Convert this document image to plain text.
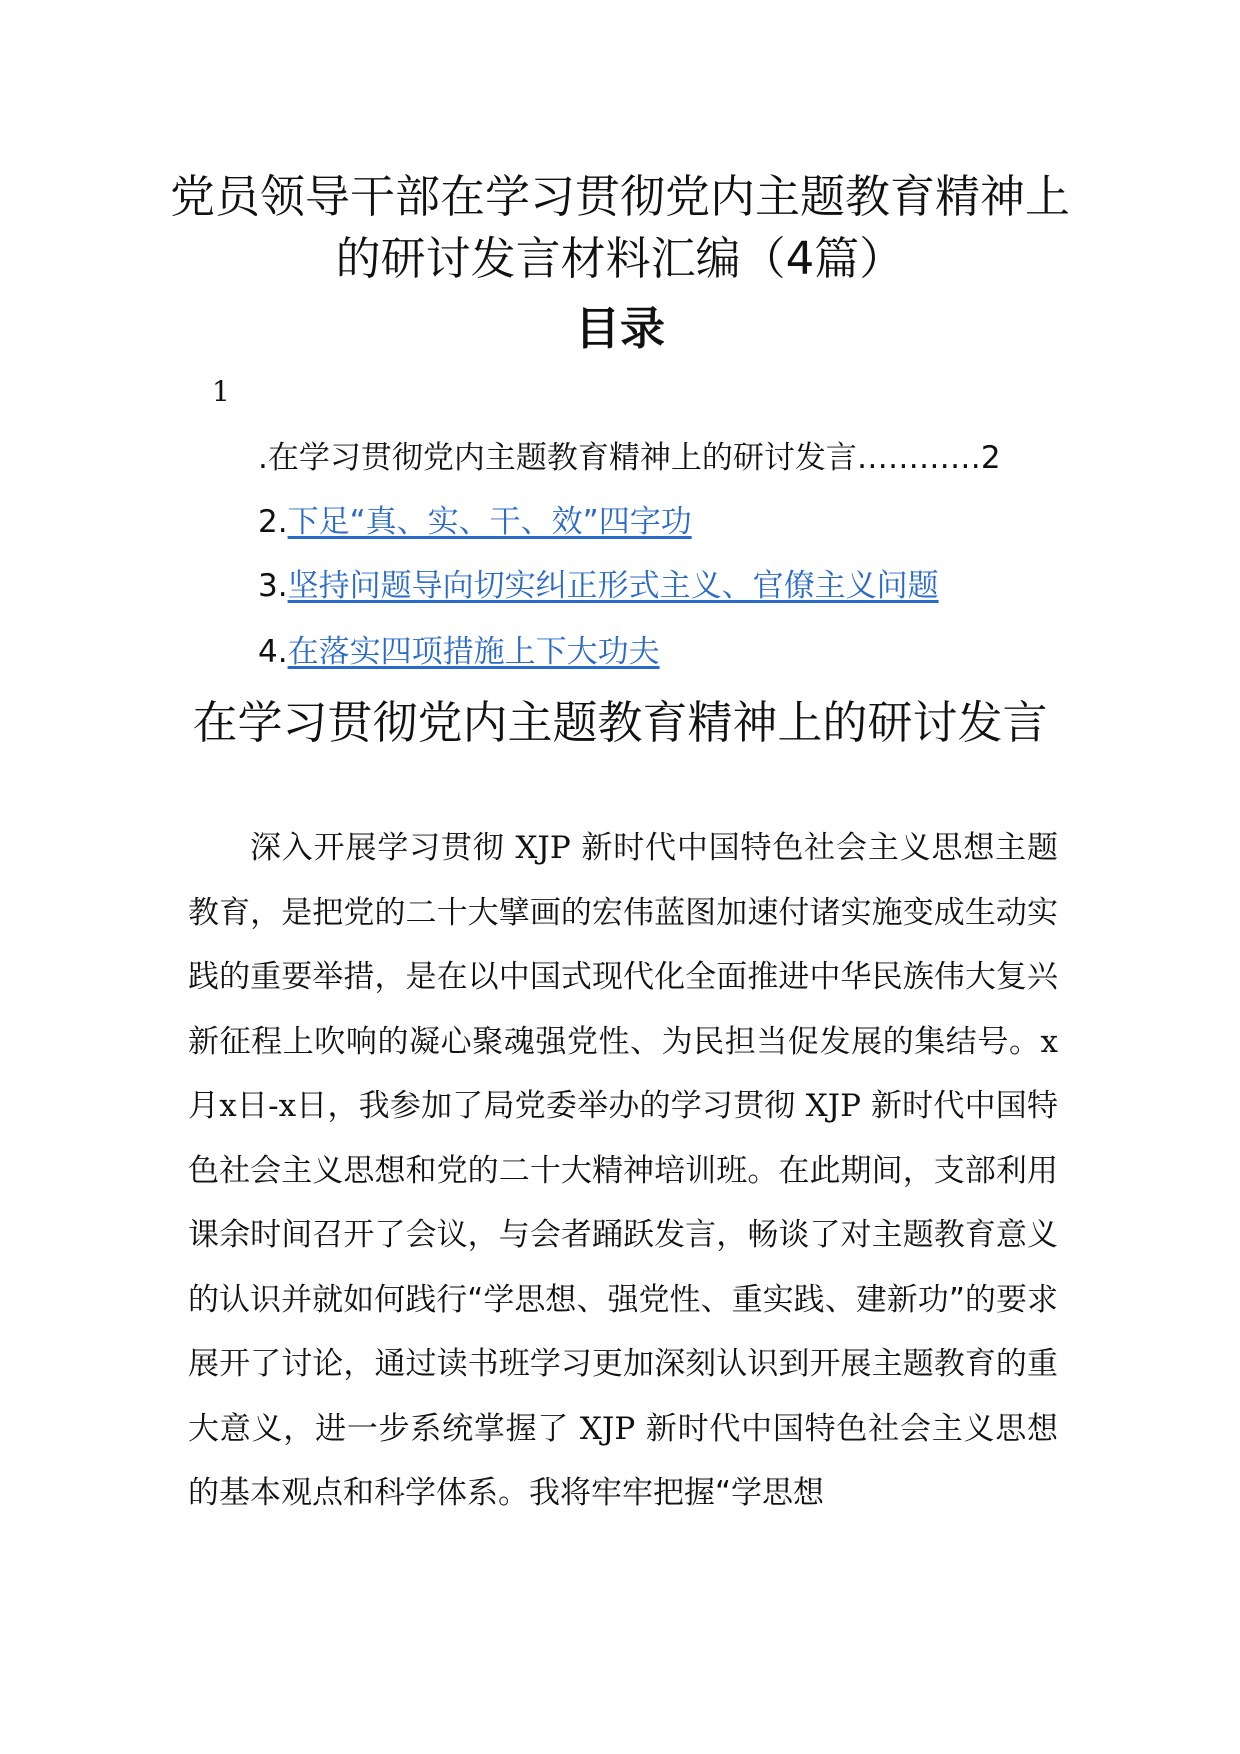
党员领导干部在学习贯彻党内主题教育精神上的研讨发言材料汇编（4篇）
目录
1
.在学习贯彻党内主题教育精神上的研讨发言…………2
2.下足“真、实、干、效”四字功
3.坚持问题导向切实纠正形式主义、官僚主义问题
4.在落实四项措施上下大功夫
在学习贯彻党内主题教育精神上的研讨发言

深入开展学习贯彻 XJP 新时代中国特色社会主义思想主题教育，是把党的二十大擘画的宏伟蓝图加速付诸实施变成生动实践的重要举措，是在以中国式现代化全面推进中华民族伟大复兴新征程上吹响的凝心聚魂强党性、为民担当促发展的集结号。x月x日-x日，我参加了局党委举办的学习贯彻 XJP 新时代中国特色社会主义思想和党的二十大精神培训班。在此期间，支部利用课余时间召开了会议，与会者踊跃发言，畅谈了对主题教育意义的认识并就如何践行“学思想、强党性、重实践、建新功”的要求展开了讨论，通过读书班学习更加深刻认识到开展主题教育的重大意义，进一步系统掌握了 XJP 新时代中国特色社会主义思想的基本观点和科学体系。我将牢牢把握“学思想
